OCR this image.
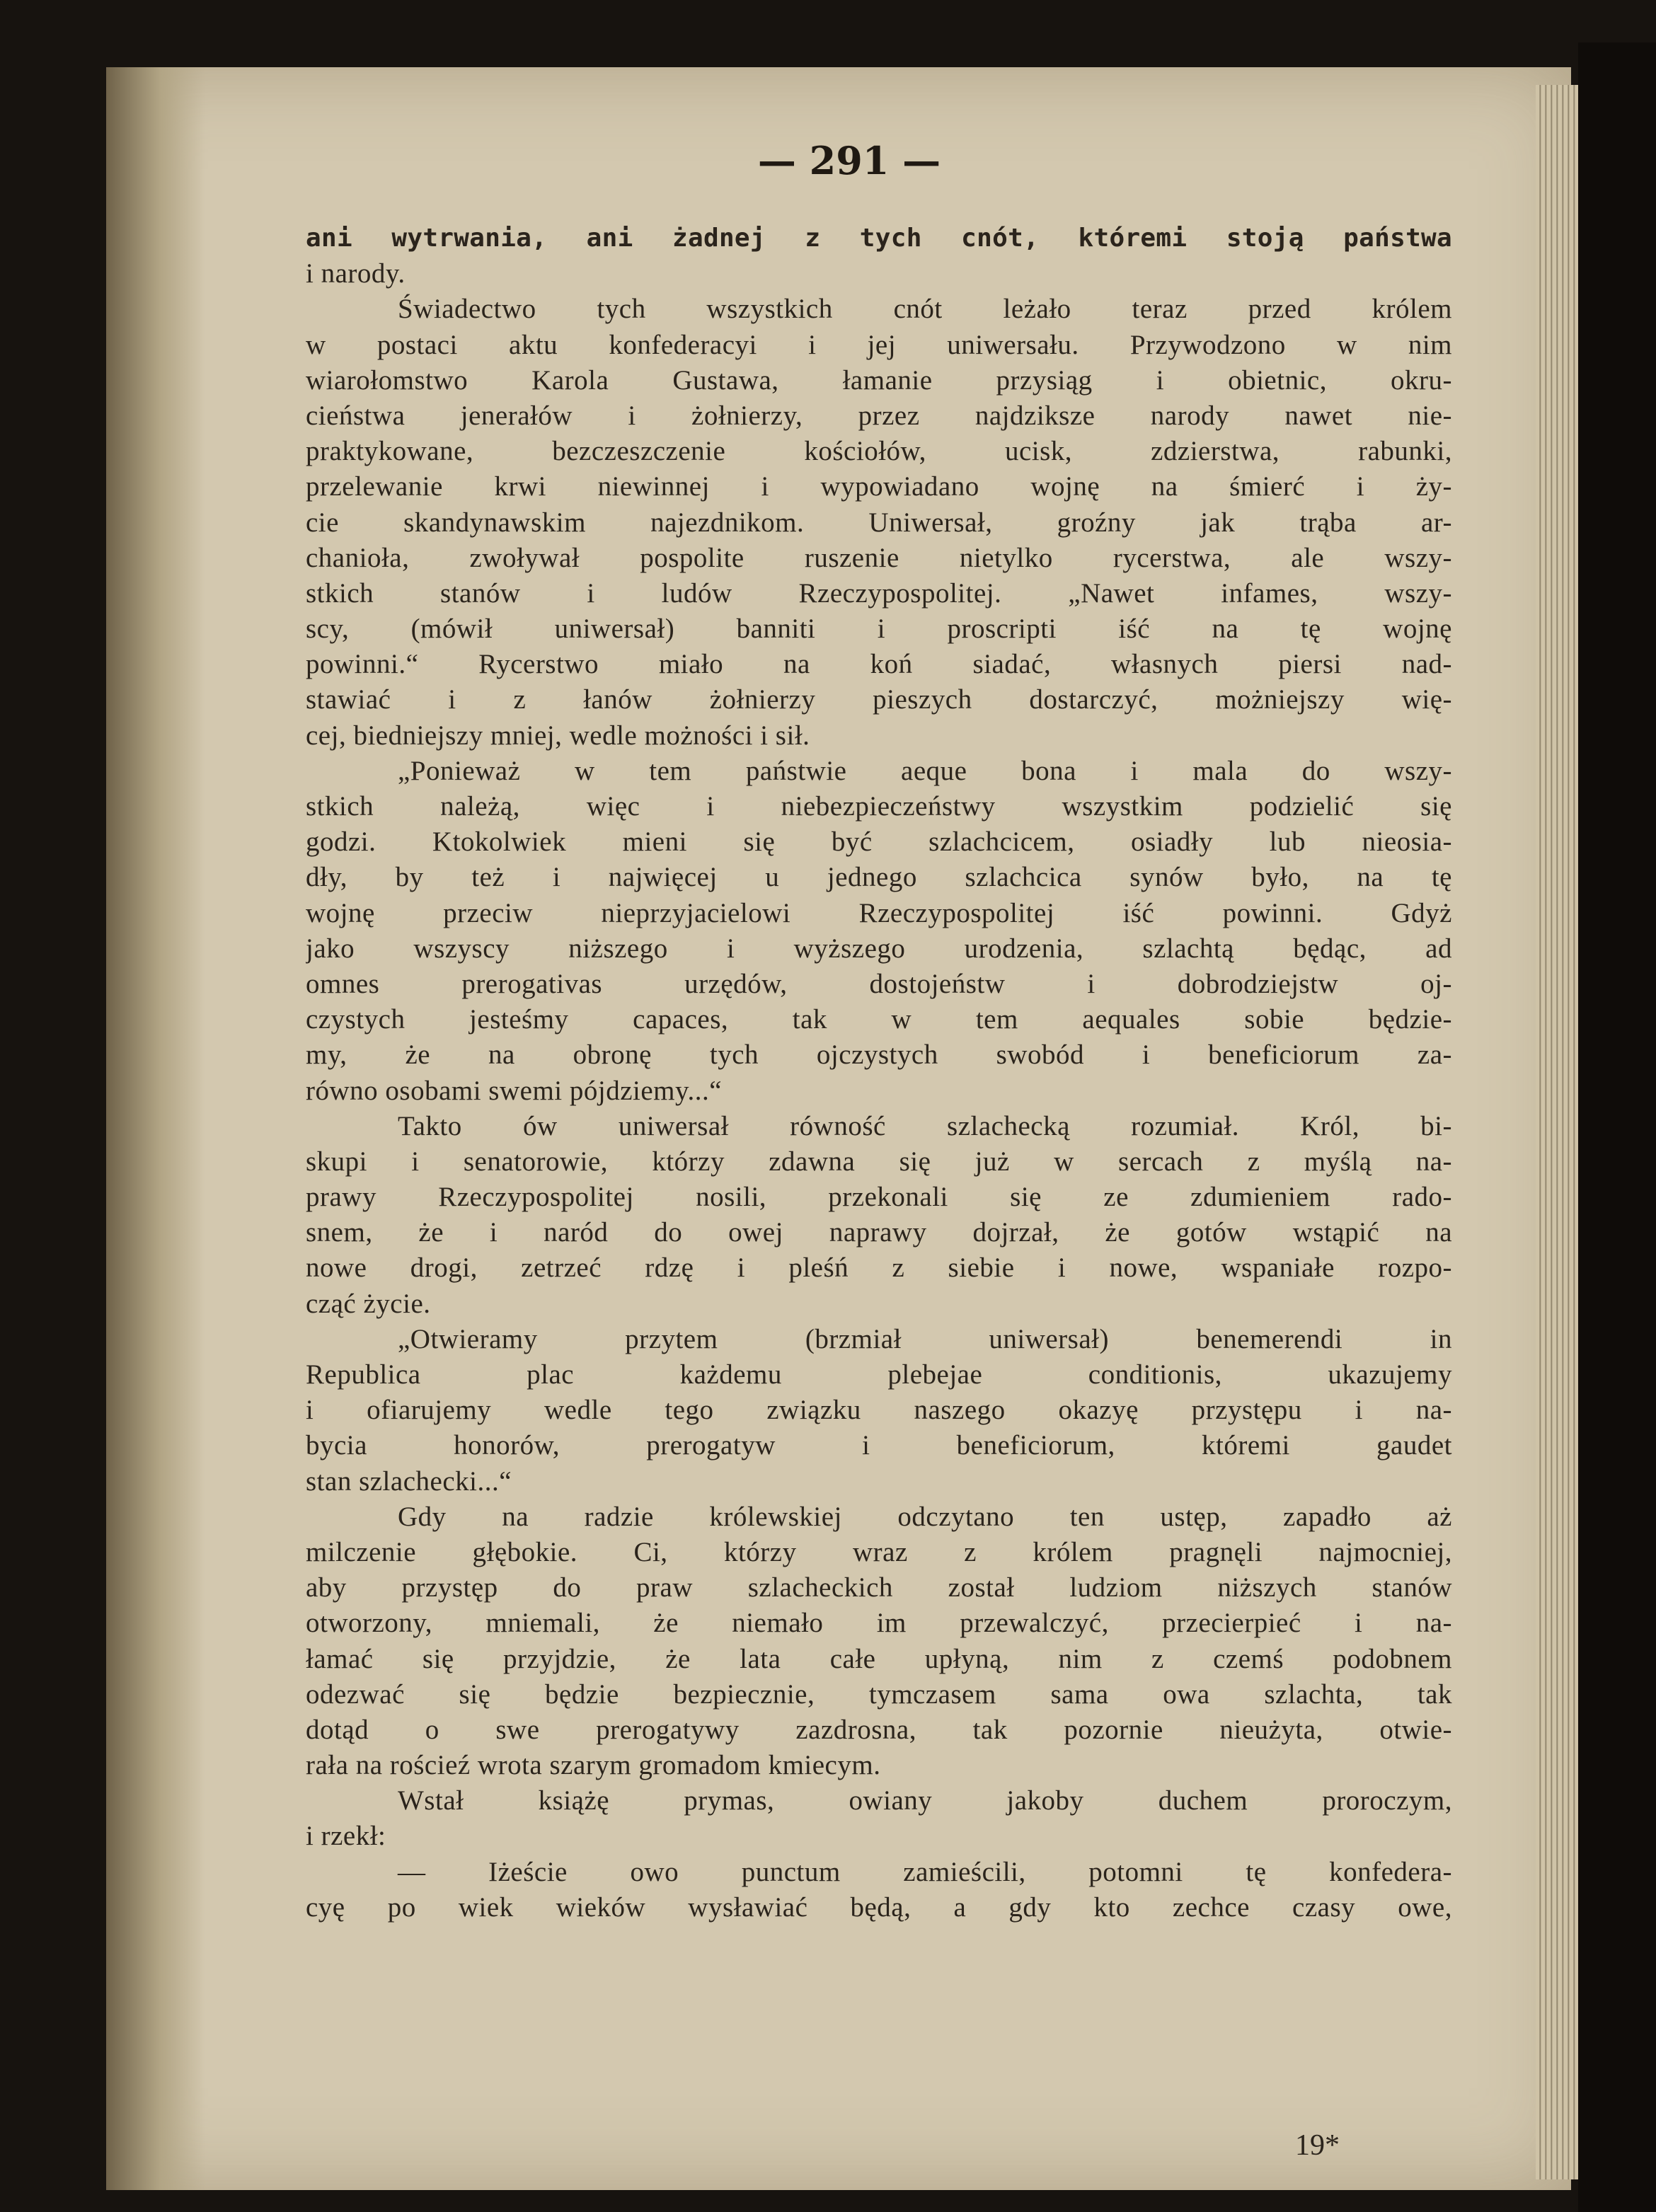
— 291 —
ani wytrwania, ani żadnej z tych cnót, któremi stoją państwa
i narody.
Świadectwo tych wszystkich cnót leżało teraz przed królem
w postaci aktu konfederacyi i jej uniwersału. Przywodzono w nim
wiarołomstwo Karola Gustawa, łamanie przysiąg i obietnic, okru-
cieństwa jenerałów i żołnierzy, przez najdziksze narody nawet nie-
praktykowane, bezczeszczenie kościołów, ucisk, zdzierstwa, rabunki,
przelewanie krwi niewinnej i wypowiadano wojnę na śmierć i ży-
cie skandynawskim najezdnikom. Uniwersał, groźny jak trąba ar-
chanioła, zwoływał pospolite ruszenie nietylko rycerstwa, ale wszy-
stkich stanów i ludów Rzeczypospolitej. „Nawet infames, wszy-
scy, (mówił uniwersał) banniti i proscripti iść na tę wojnę
powinni.“ Rycerstwo miało na koń siadać, własnych piersi nad-
stawiać i z łanów żołnierzy pieszych dostarczyć, możniejszy wię-
cej, biedniejszy mniej, wedle możności i sił.
„Ponieważ w tem państwie aeque bona i mala do wszy-
stkich należą, więc i niebezpieczeństwy wszystkim podzielić się
godzi. Ktokolwiek mieni się być szlachcicem, osiadły lub nieosia-
dły, by też i najwięcej u jednego szlachcica synów było, na tę
wojnę przeciw nieprzyjacielowi Rzeczypospolitej iść powinni. Gdyż
jako wszyscy niższego i wyższego urodzenia, szlachtą będąc, ad
omnes prerogativas urzędów, dostojeństw i dobrodziejstw oj-
czystych jesteśmy capaces, tak w tem aequales sobie będzie-
my, że na obronę tych ojczystych swobód i beneficiorum za-
równo osobami swemi pójdziemy...“
Takto ów uniwersał równość szlachecką rozumiał. Król, bi-
skupi i senatorowie, którzy zdawna się już w sercach z myślą na-
prawy Rzeczypospolitej nosili, przekonali się ze zdumieniem rado-
snem, że i naród do owej naprawy dojrzał, że gotów wstąpić na
nowe drogi, zetrzeć rdzę i pleśń z siebie i nowe, wspaniałe rozpo-
cząć życie.
„Otwieramy przytem (brzmiał uniwersał) benemerendi in
Republica plac każdemu plebejae conditionis, ukazujemy
i ofiarujemy wedle tego związku naszego okazyę przystępu i na-
bycia honorów, prerogatyw i beneficiorum, któremi gaudet
stan szlachecki...“
Gdy na radzie królewskiej odczytano ten ustęp, zapadło aż
milczenie głębokie. Ci, którzy wraz z królem pragnęli najmocniej,
aby przystęp do praw szlacheckich został ludziom niższych stanów
otworzony, mniemali, że niemało im przewalczyć, przecierpieć i na-
łamać się przyjdzie, że lata całe upłyną, nim z czemś podobnem
odezwać się będzie bezpiecznie, tymczasem sama owa szlachta, tak
dotąd o swe prerogatywy zazdrosna, tak pozornie nieużyta, otwie-
rała na rościeź wrota szarym gromadom kmiecym.
Wstał książę prymas, owiany jakoby duchem proroczym,
i rzekł:
— Iżeście owo punctum zamieścili, potomni tę konfedera-
cyę po wiek wieków wysławiać będą, a gdy kto zechce czasy owe,
19*
